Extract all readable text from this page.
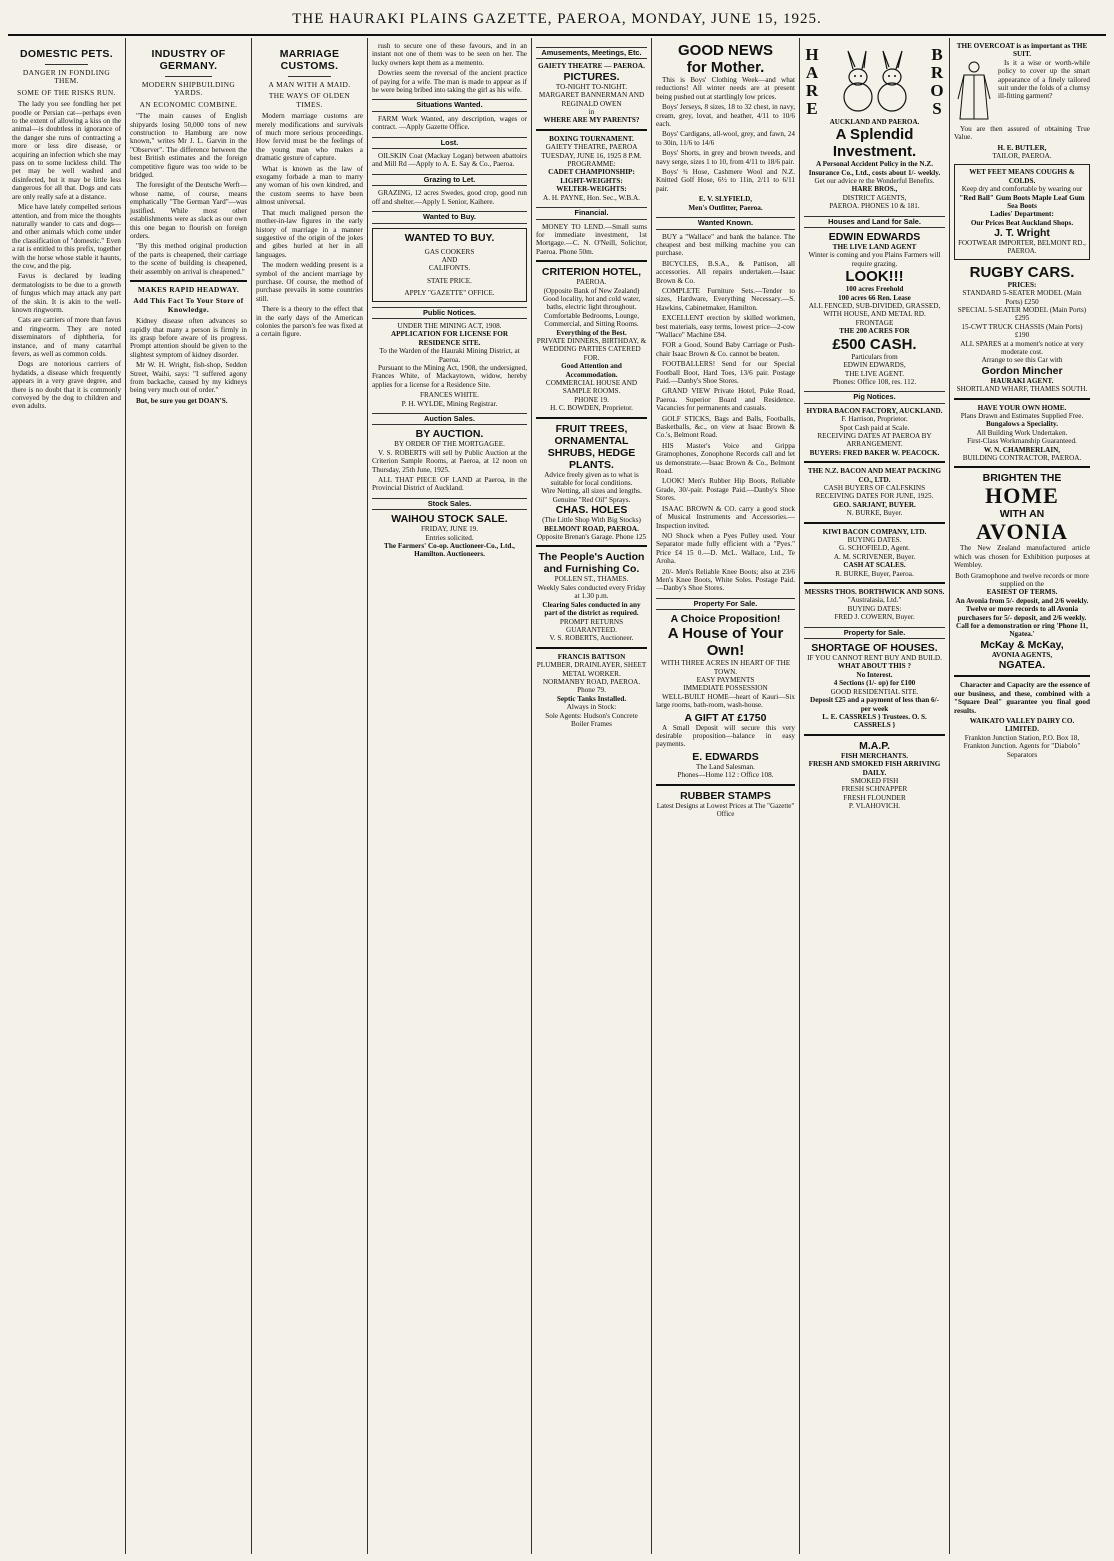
THE HAURAKI PLAINS GAZETTE, PAEROA, MONDAY, JUNE 15, 1925.
DOMESTIC PETS.
DANGER IN FONDLING THEM.
SOME OF THE RISKS RUN.

The lady you see fondling her pet poodle or Persian cat—perhaps even to the extent of allowing a kiss on the animal—is doubtless in ignorance of the danger she runs of contracting a more or less dire disease, or acquiring an infection which she may pass on to some luckless child. The pet may be well washed and disinfected, but it may be little less dangerous for all that. Dogs and cats are only really safe at a distance.

Mice have lately compelled serious attention, and from mice the thoughts naturally wander to cats and dogs—and other animals which come under the classification of "domestic." Even a rat is entitled to this prefix, together with the horse whose stable it haunts, the cow, and the pig.

Favus is declared by leading dermatologists to be due to a growth of fungus which may attack any part of the skin. It is akin to the well-known ringworm.

Cats are carriers of more than favus and ringworm. They are noted disseminators of diphtheria, for instance, and of many catarrhal fevers, as well as common colds.

Dogs are notorious carriers of hydatids, a disease which frequently appears in a very grave degree, and there is no doubt that it is commonly conveyed by the dog to children and even adults.

INDUSTRY OF GERMANY.
MODERN SHIPBUILDING YARDS.
AN ECONOMIC COMBINE.

"The main causes of English shipyards losing 50,000 tons of new construction to Hamburg are now known," writes Mr J. L. Garvin in the "Observer". The difference between the best British estimates and the foreign competitive figure was too wide to be bridged.

The foresight of the Deutsche Werft—whose name, of course, means emphatically "The German Yard"—was justified. While most other establishments were as slack as our own this one began to flourish on foreign orders.

"By this method original production of the parts is cheapened, their carriage to the scene of building is cheapened, their assembly on arrival is cheapened."

MAKES RAPID HEADWAY.
Add This Fact To Your Store of Knowledge.

Kidney disease often advances so rapidly that many a person is firmly in its grasp before aware of its progress. Prompt attention should be given to the slightest symptom of kidney disorder.

Mr W. H. Wright, fish-shop, Seddon Street, Waihi, says: "I suffered agony from backache, caused by my kidneys being very much out of order."

But, be sure you get DOAN'S.

MARRIAGE CUSTOMS.
A MAN WITH A MAID.
THE WAYS OF OLDEN TIMES.

Modern marriage customs are merely modifications and survivals of much more serious proceedings. How fervid must be the feelings of the young man who makes a dramatic gesture of capture.

What is known as the law of exogamy forbade a man to marry any woman of his own kindred, and the custom seems to have been almost universal.

That much maligned person the mother-in-law figures in the early history of marriage in a manner suggestive of the origin of the jokes and gibes hurled at her in all languages.

The modern wedding present is a symbol of the ancient marriage by purchase. Of course, the method of purchase prevails in some countries still.

There is a theory to the effect that in the early days of the American colonies the parson's fee was fixed at a certain figure.

rush to secure one of these favours, and in an instant not one of them was to be seen on her. The lucky owners kept them as a memento.

Dowries seem the reversal of the ancient practice of paying for a wife. The man is made to appear as if he were being bribed into taking the girl as his wife.

Situations Wanted.

FARM Work Wanted, any description, wages or contract. —Apply Gazette Office.

Lost.

OILSKIN Coat (Mackay Logan) between abattoirs and Mill Rd —Apply to A. E. Say & Co., Paeroa.

Grazing to Let.

GRAZING, 12 acres Swedes, good crop, good run off and shelter.—Apply I. Senior, Kaihere.

Wanted to Buy.
WANTED TO BUY.
GAS COOKERS
AND
CALIFONTS.
STATE PRICE.
APPLY "GAZETTE" OFFICE.
Public Notices.
UNDER THE MINING ACT, 1908.
APPLICATION FOR LICENSE FOR RESIDENCE SITE.
To the Warden of the Hauraki Mining District, at Paeroa.

Pursuant to the Mining Act, 1908, the undersigned, Frances White, of Mackaytown, widow, hereby applies for a license for a Residence Site.

FRANCES WHITE.
P. H. WYLDE, Mining Registrar.
Auction Sales.
BY AUCTION.
BY ORDER OF THE MORTGAGEE.

V. S. ROBERTS will sell by Public Auction at the Criterion Sample Rooms, at Paeroa, at 12 noon on Thursday, 25th June, 1925.

ALL THAT PIECE OF LAND at Paeroa, in the Provincial District of Auckland.

Stock Sales.
WAIHOU STOCK SALE.
FRIDAY, JUNE 19.
Entries solicited.
The Farmers' Co-op. Auctioneer-Co., Ltd., Hamilton. Auctioneers.
Amusements, Meetings, Etc.
GAIETY THEATRE — PAEROA.
PICTURES.
TO-NIGHT TO-NIGHT.
MARGARET BANNERMAN AND REGINALD OWEN
in
WHERE ARE MY PARENTS?
BOXING TOURNAMENT.
GAIETY THEATRE, PAEROA
TUESDAY, JUNE 16, 1925 8 P.M.
PROGRAMME:
CADET CHAMPIONSHIP:
LIGHT-WEIGHTS:
WELTER-WEIGHTS:
A. H. PAYNE, Hon. Sec., W.B.A.
Financial.

MONEY TO LEND.—Small sums for immediate investment, 1st Mortgage.—C. N. O'Neill, Solicitor, Paeroa. Phone 50m.

CRITERION HOTEL,
PAEROA.
(Opposite Bank of New Zealand)
Good locality, hot and cold water, baths, electric light throughout.
Comfortable Bedrooms, Lounge, Commercial, and Sitting Rooms.
Everything of the Best.
PRIVATE DINNERS, BIRTHDAY, & WEDDING PARTIES CATERED FOR.
Good Attention and Accommodation.
COMMERCIAL HOUSE AND SAMPLE ROOMS.
PHONE 19.
H. C. BOWDEN, Proprietor.
FRUIT TREES, ORNAMENTAL SHRUBS, HEDGE PLANTS.
Advice freely given as to what is suitable for local conditions.
Wire Netting, all sizes and lengths.
Genuine "Red Oil" Sprays.
CHAS. HOLES
(The Little Shop With Big Stocks)
BELMONT ROAD, PAEROA.
Opposite Brenan's Garage. Phone 125
The People's Auction and Furnishing Co.
POLLEN ST., THAMES.
Weekly Sales conducted every Friday at 1.30 p.m.
Clearing Sales conducted in any part of the district as required.
PROMPT RETURNS GUARANTEED.
V. S. ROBERTS, Auctioneer.
FRANCIS BATTSON
PLUMBER, DRAINLAYER, SHEET METAL WORKER.
NORMANBY ROAD, PAEROA.
Phone 79.
Septic Tanks Installed.
Always in Stock:
Sole Agents: Hudson's Concrete Boiler Frames
GOOD NEWS
for Mother.

This is Boys' Clothing Week—and what reductions! All winter needs are at present being pushed out at startlingly low prices.

Boys' Jerseys, 8 sizes, 18 to 32 chest, in navy, cream, grey, lovat, and heather, 4/11 to 10/6 each.

Boys' Cardigans, all-wool, grey, and fawn, 24 to 30in, 11/6 to 14/6

Boys' Shorts, in grey and brown tweeds, and navy serge, sizes 1 to 10, from 4/11 to 18/6 pair.

Boys' ¾ Hose, Cashmere Wool and N.Z. Knitted Golf Hose, 6½ to 11in, 2/11 to 6/11 pair.

E. V. SLYFIELD,
Men's Outfitter, Paeroa.
Wanted Known.

BUY a "Wallace" and bank the balance. The cheapest and best milking machine you can purchase.

BICYCLES, B.S.A., & Pattison, all accessories. All repairs undertaken.—Isaac Brown & Co.

COMPLETE Furniture Sets.—Tender to sizes, Hardware, Everything Necessary.—S. Hawkins, Cabinetmaker, Hamilton.

EXCELLENT erection by skilled workmen, best materials, easy terms, lowest price—2-cow "Wallace" Machine £84.

FOR a Good, Sound Baby Carriage or Push-chair Isaac Brown & Co. cannot be beaten.

FOOTBALLERS! Send for our Special Football Boot, Hard Toes, 13/6 pair. Postage Paid.—Danby's Shoe Stores.

GRAND VIEW Private Hotel, Puke Road, Paeroa. Superior Board and Residence. Vacancies for permanents and casuals.

GOLF STICKS, Bags and Balls, Footballs, Basketballs, &c., on view at Isaac Brown & Co.'s, Belmont Road.

HIS Master's Voice and Grippa Gramophones, Zonophone Records call and let us demonstrate.—Isaac Brown & Co., Belmont Road.

LOOK! Men's Rubber Hip Boots, Reliable Grade, 30/-pair. Postage Paid.—Danby's Shoe Stores.

ISAAC BROWN & CO. carry a good stock of Musical Instruments and Accessories.—Inspection invited.

NO Shock when a Pyes Pulley used. Your Separator made fully efficient with a "Pyes." Price £4 15 0.—D. McL. Wallace, Ltd., Te Aroha.

20/- Men's Reliable Knee Boots; also at 23/6 Men's Knee Boots, White Soles. Postage Paid.—Danby's Shoe Stores.

Property For Sale.
A Choice Proposition!
A House of Your Own!
WITH THREE ACRES IN HEART OF THE TOWN.
EASY PAYMENTS
IMMEDIATE POSSESSION

WELL-BUILT HOME—heart of Kauri—Six large rooms, bath-room, wash-house.

A GIFT AT £1750

A Small Deposit will secure this very desirable proposition—balance in easy payments.

E. EDWARDS
The Land Salesman.
Phones—Home 112 : Office 108.
RUBBER STAMPS
Latest Designs at Lowest Prices at The "Gazette" Office
H
A
R
E
B
R
O
S
AUCKLAND AND PAEROA.
A Splendid Investment.
A Personal Accident Policy in the N.Z. Insurance Co., Ltd., costs about 1/- weekly.
Get our advice re the Wonderful Benefits.
HARE BROS.,
DISTRICT AGENTS,
PAEROA. PHONES 10 & 181.
Houses and Land for Sale.
EDWIN EDWARDS
THE LIVE LAND AGENT
Winter is coming and you Plains Farmers will require grazing.
LOOK!!!
100 acres Freehold
100 acres 66 Ren. Lease
ALL FENCED, SUB-DIVIDED, GRASSED, WITH HOUSE, AND METAL RD. FRONTAGE
THE 200 ACRES FOR
£500 CASH.
Particulars from
EDWIN EDWARDS,
THE LIVE AGENT.
Phones: Office 108, res. 112.
Pig Notices.
HYDRA BACON FACTORY, AUCKLAND.
F. Harrison, Proprietor.
Spot Cash paid at Scale.
RECEIVING DATES AT PAEROA BY ARRANGEMENT.
BUYERS: FRED BAKER W. PEACOCK.
THE N.Z. BACON AND MEAT PACKING CO., LTD.
CASH BUYERS OF CALFSKINS
RECEIVING DATES FOR JUNE, 1925.
GEO. SARJANT, BUYER.
N. BURKE, Buyer.
KIWI BACON COMPANY, LTD.
BUYING DATES.
G. SCHOFIELD, Agent.
A. M. SCRIVENER, Buyer.
CASH AT SCALES.
R. BURKE, Buyer, Paeroa.
MESSRS THOS. BORTHWICK AND SONS.
"Australasia, Ltd."
BUYING DATES:
FRED J. COWERN, Buyer.
Property for Sale.
SHORTAGE OF HOUSES.
IF YOU CANNOT RENT BUY AND BUILD.
WHAT ABOUT THIS ?
No Interest.
4 Sections (1/- op) for £100
GOOD RESIDENTIAL SITE.
Deposit £25 and a payment of less than 6/- per week
L. E. CASSRELS } Trustees. O. S. CASSRELS }
M.A.P.
FISH MERCHANTS.
FRESH AND SMOKED FISH ARRIVING DAILY.
SMOKED FISH
FRESH SCHNAPPER
FRESH FLOUNDER
P. VLAHOVICH.
THE OVERCOAT is as important as THE SUIT.

Is it a wise or worth-while policy to cover up the smart appearance of a finely tailored suit under the folds of a clumsy ill-fitting garment?

You are then assured of obtaining True Value.

H. E. BUTLER,
TAILOR, PAEROA.
WET FEET MEANS COUGHS & COLDS.
Keep dry and comfortable by wearing our
"Red Ball" Gum Boots Maple Leaf Gum Sea Boots
Ladies' Department:
Our Prices Beat Auckland Shops.
J. T. Wright
FOOTWEAR IMPORTER, BELMONT RD., PAEROA.
RUGBY CARS.
PRICES:
STANDARD 5-SEATER MODEL (Main Ports) £250
SPECIAL 5-SEATER MODEL (Main Ports) £295
15-CWT TRUCK CHASSIS (Main Ports) £190
ALL SPARES at a moment's notice at very moderate cost.
Arrange to see this Car with
Gordon Mincher
HAURAKI AGENT.
SHORTLAND WHARF, THAMES SOUTH.
HAVE YOUR OWN HOME.
Plans Drawn and Estimates Supplied Free.
Bungalows a Speciality.
All Building Work Undertaken.
First-Class Workmanship Guaranteed.
W. N. CHAMBERLAIN,
BUILDING CONTRACTOR, PAEROA.
BRIGHTEN THE
HOME
WITH AN
AVONIA

The New Zealand manufactured article which was chosen for Exhibition purposes at Wembley.

Both Gramophone and twelve records or more supplied on the
EASIEST OF TERMS.
An Avonia from 5/- deposit, and 2/6 weekly.
Twelve or more records to all Avonia purchasers for 5/- deposit, and 2/6 weekly.
Call for a demonstration or ring 'Phone 11, Ngatea.'
McKay & McKay,
AVONIA AGENTS,
NGATEA.

Character and Capacity are the essence of our business, and these, combined with a "Square Deal" guarantee you final good results.

WAIKATO VALLEY DAIRY CO. LIMITED.
Frankton Junction Station, P.O. Box 18, Frankton Junction. Agents for "Diabolo" Separators
